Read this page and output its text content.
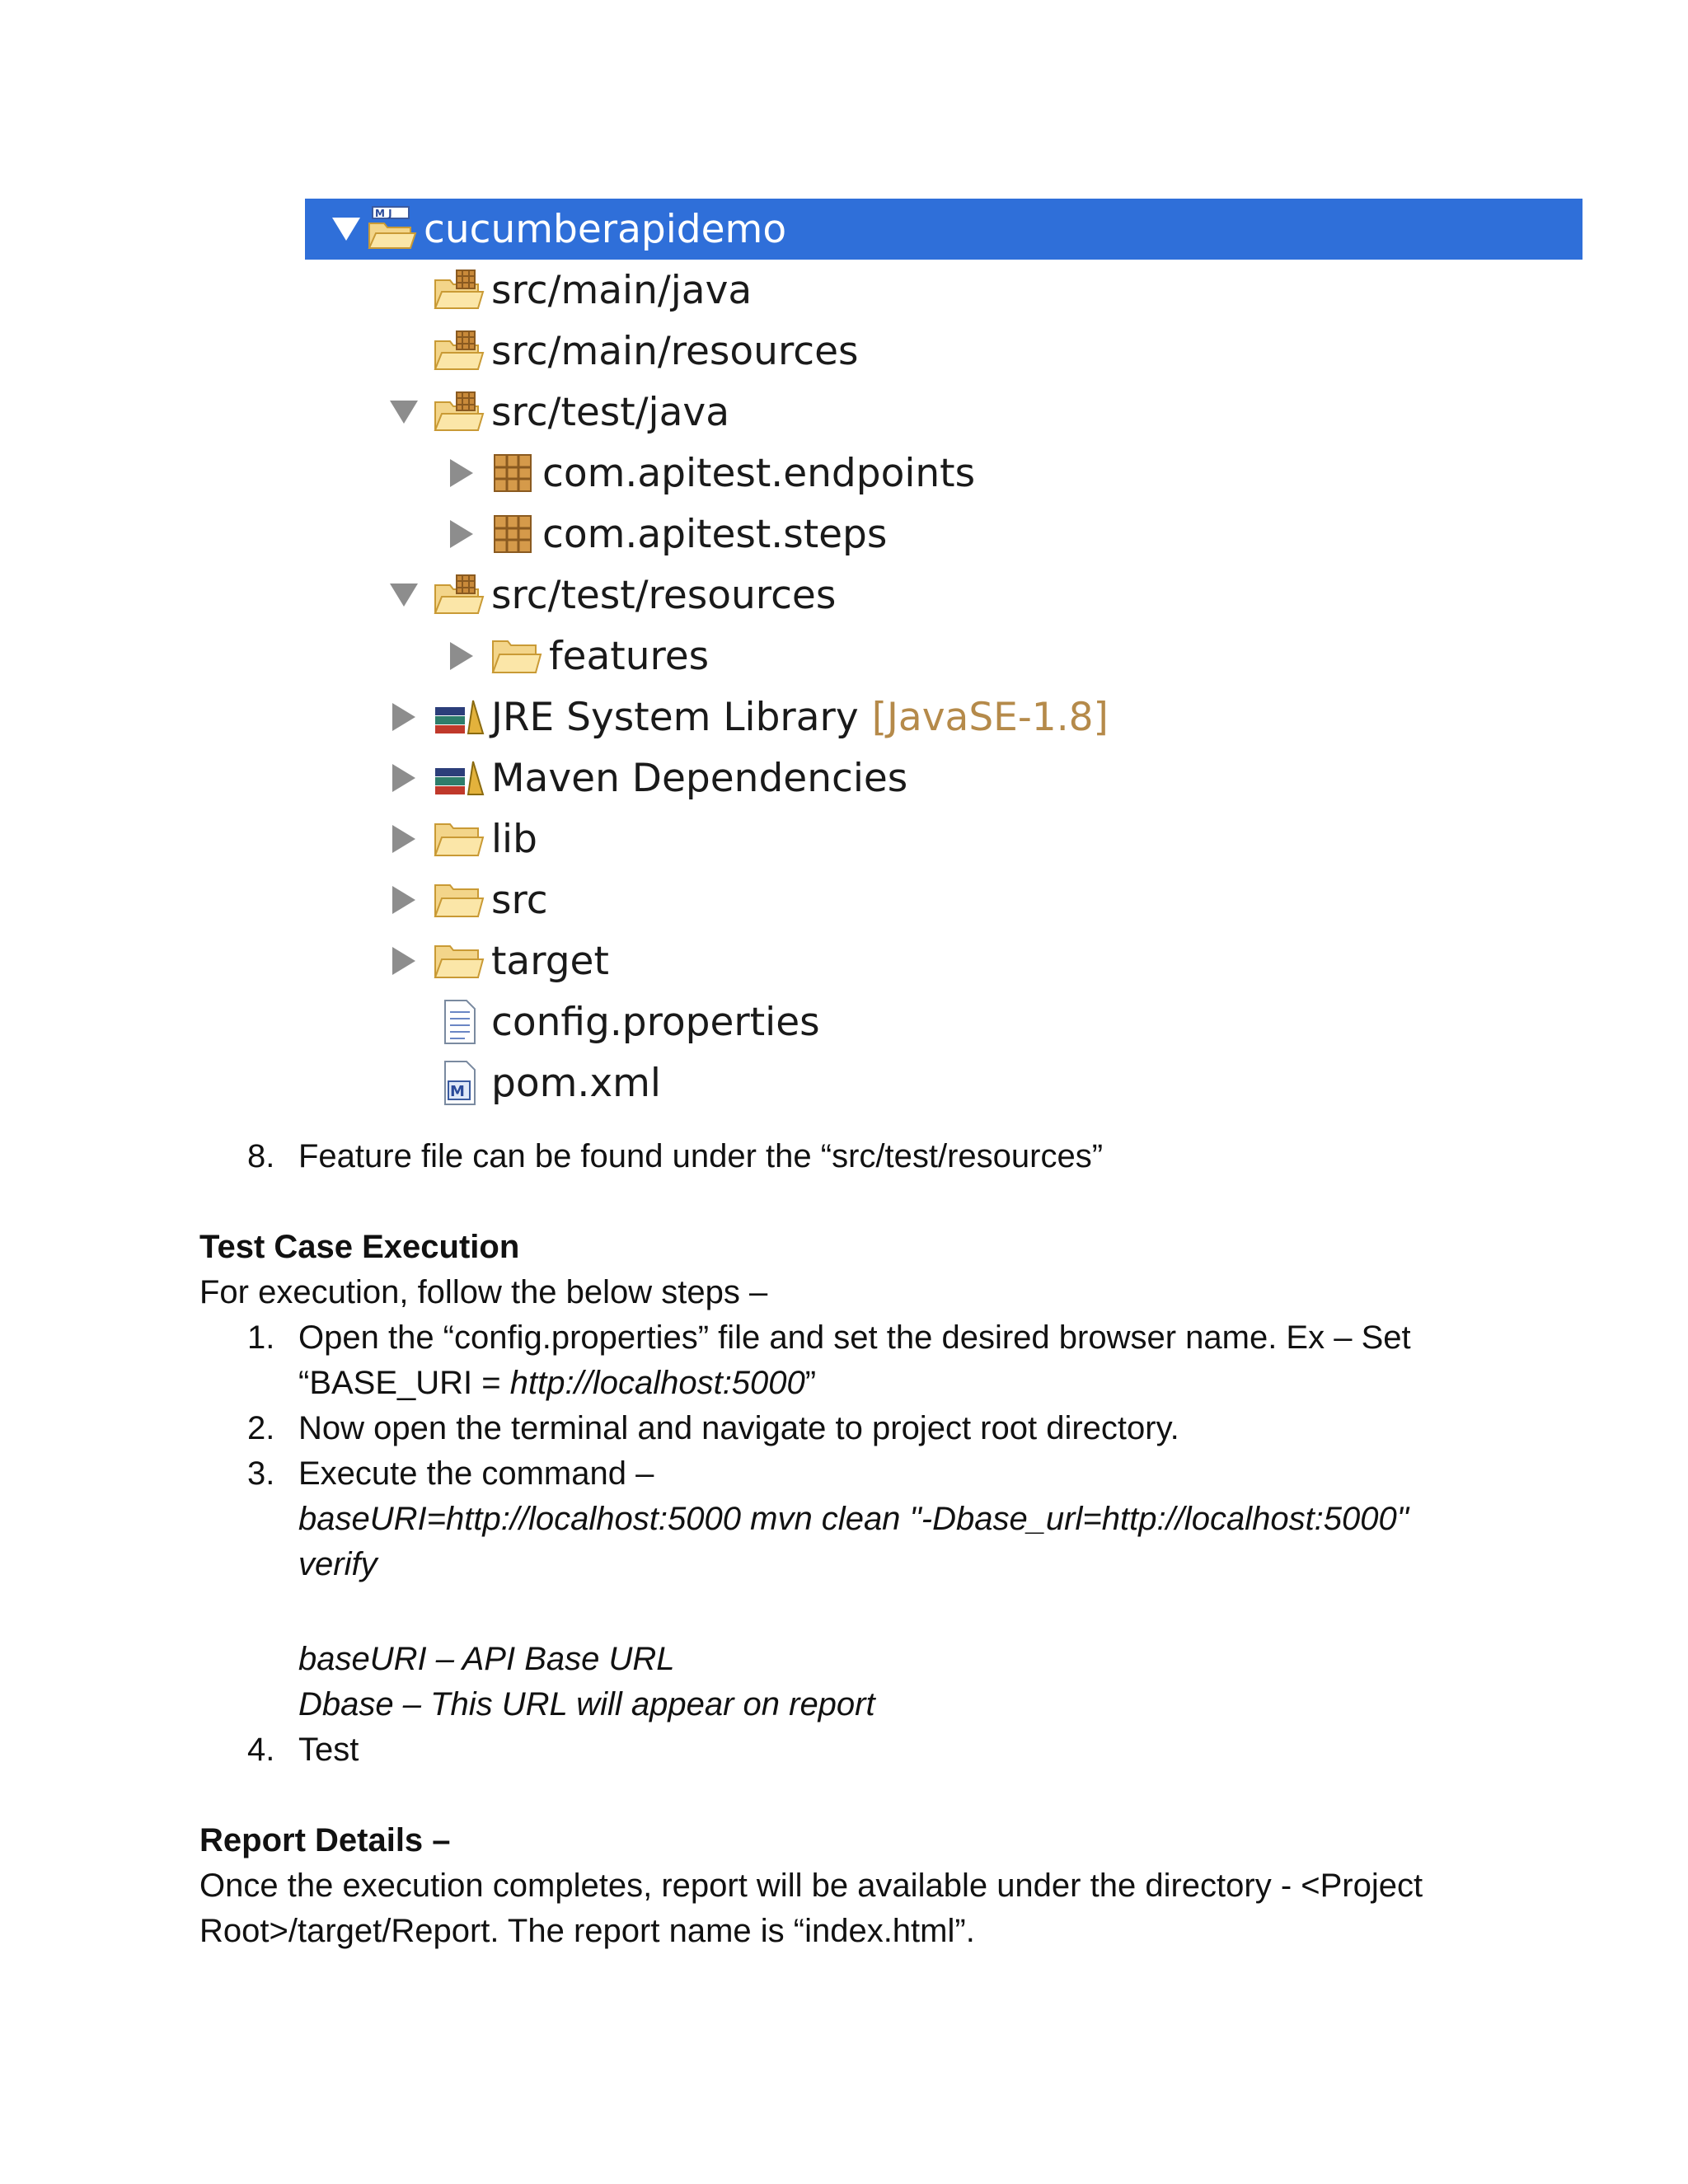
M J cucumberapidemo
src/main/java
src/main/resources
src/test/java
com.apitest.endpoints
com.apitest.steps
src/test/resources
features
JRE System Library [JavaSE-1.8]
Maven Dependencies
lib
src
target
config.properties
M pom.xml
8. Feature file can be found under the “src/test/resources”
Test Case Execution
For execution, follow the below steps –
1. Open the “config.properties” file and set the desired browser name. Ex – Set
“BASE_URI = http://localhost:5000”
2. Now open the terminal and navigate to project root directory.
3. Execute the command –
baseURI=http://localhost:5000 mvn clean "-Dbase_url=http://localhost:5000"
verify
baseURI – API Base URL
Dbase – This URL will appear on report
4. Test
Report Details –
Once the execution completes, report will be available under the directory - <Project
Root>/target/Report. The report name is “index.html”.
